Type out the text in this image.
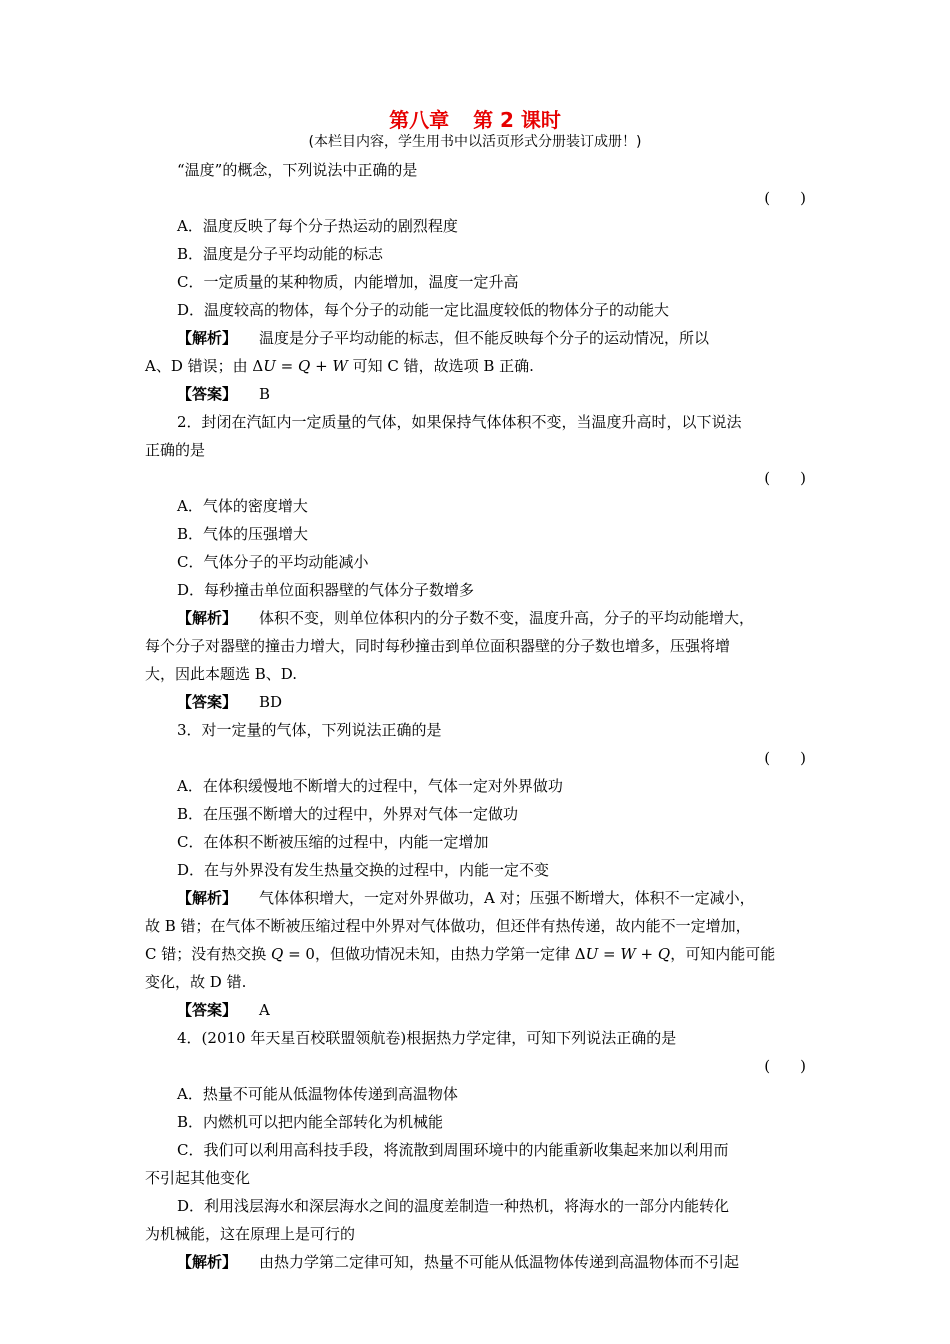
第八章 第 2 课时
(本栏目内容，学生用书中以活页形式分册装订成册！)
“温度”的概念，下列说法中正确的是
(　　)
A．温度反映了每个分子热运动的剧烈程度
B．温度是分子平均动能的标志
C．一定质量的某种物质，内能增加，温度一定升高
D．温度较高的物体，每个分子的动能一定比温度较低的物体分子的动能大
【解析】 温度是分子平均动能的标志，但不能反映每个分子的运动情况，所以
A、D 错误；由 ΔU = Q + W 可知 C 错，故选项 B 正确.
【答案】 B
2．封闭在汽缸内一定质量的气体，如果保持气体体积不变，当温度升高时，以下说法
正确的是
(　　)
A．气体的密度增大
B．气体的压强增大
C．气体分子的平均动能减小
D．每秒撞击单位面积器壁的气体分子数增多
【解析】 体积不变，则单位体积内的分子数不变，温度升高，分子的平均动能增大，
每个分子对器壁的撞击力增大，同时每秒撞击到单位面积器壁的分子数也增多，压强将增
大，因此本题选 B、D.
【答案】 BD
3．对一定量的气体，下列说法正确的是
(　　)
A．在体积缓慢地不断增大的过程中，气体一定对外界做功
B．在压强不断增大的过程中，外界对气体一定做功
C．在体积不断被压缩的过程中，内能一定增加
D．在与外界没有发生热量交换的过程中，内能一定不变
【解析】 气体体积增大，一定对外界做功，A 对；压强不断增大，体积不一定减小，
故 B 错；在气体不断被压缩过程中外界对气体做功，但还伴有热传递，故内能不一定增加，
C 错；没有热交换 Q = 0，但做功情况未知，由热力学第一定律 ΔU = W + Q，可知内能可能
变化，故 D 错.
【答案】 A
4．(2010 年天星百校联盟领航卷)根据热力学定律，可知下列说法正确的是
(　　)
A．热量不可能从低温物体传递到高温物体
B．内燃机可以把内能全部转化为机械能
C．我们可以利用高科技手段，将流散到周围环境中的内能重新收集起来加以利用而
不引起其他变化
D．利用浅层海水和深层海水之间的温度差制造一种热机，将海水的一部分内能转化
为机械能，这在原理上是可行的
【解析】 由热力学第二定律可知，热量不可能从低温物体传递到高温物体而不引起
